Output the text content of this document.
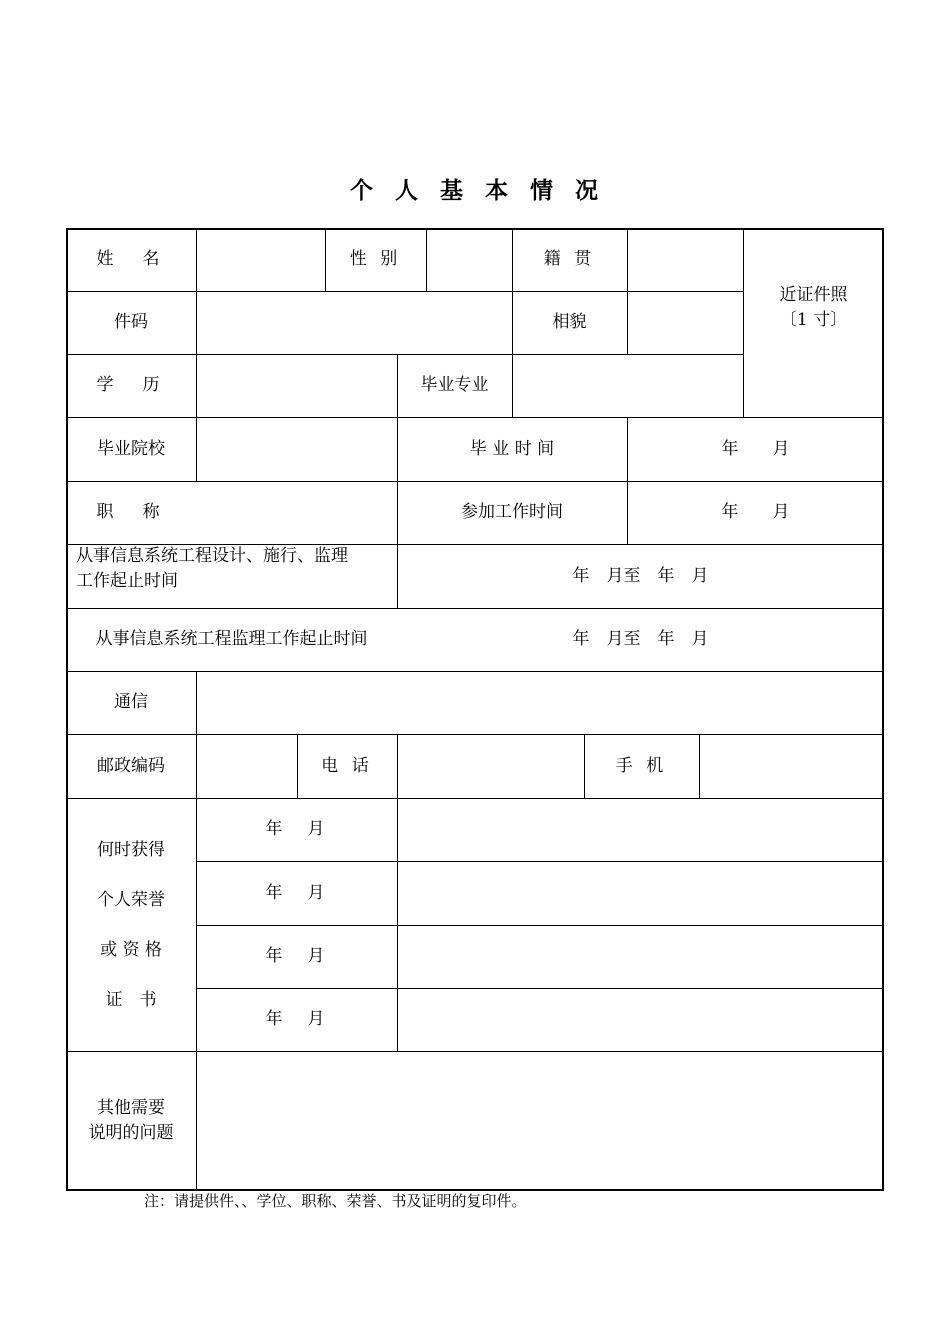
个 人 基 本 情 况
姓　名	性 别	籍 贯
近证件照
〔1 寸〕
件码	相貌
学　历	毕业专业
毕业院校	毕 业 时 间	年　　月
职　称	参加工作时间	年　　月
从事信息系统工程设计、施行、监理
工作起止时间	年　月至　年　月
从事信息系统工程监理工作起止时间	年　月至　年　月
通信
邮政编码	电 话	手 机
何时获得
个人荣誉
或 资 格
证　书
年　月
年　月
年　月
年　月
其他需要
说明的问题
注：请提供件、、学位、职称、荣誉、书及证明的复印件。
